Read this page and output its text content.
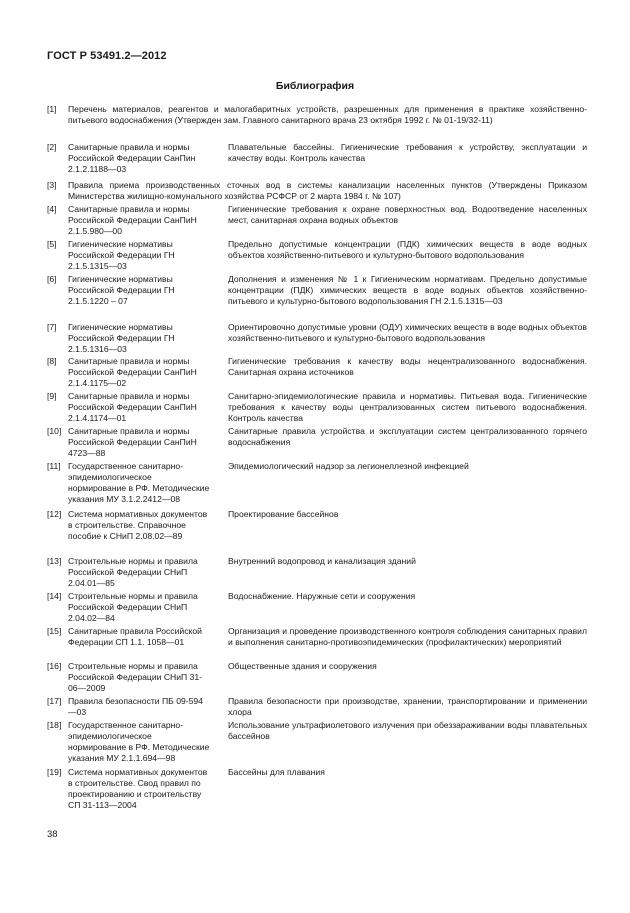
ГОСТ Р 53491.2—2012
Библиография
[1] Перечень материалов, реагентов и малогабаритных устройств, разрешенных для применения в практике хозяйственно-питьевого водоснабжения (Утвержден зам. Главного санитарного врача 23 октября 1992 г. № 01-19/32-11)
[2] Санитарные правила и нормы Российской Федерации СанПин 2.1.2.1188—03
Плавательные бассейны. Гигиенические требования к устройству, эксплуатации и качеству воды. Контроль качества
[3] Правила приема производственных сточных вод в системы канализации населенных пунктов (Утверждены Приказом Министерства жилищно-комунального хозяйства РСФСР от 2 марта 1984 г. № 107)
[4] Санитарные правила и нормы Российской Федерации СанПиН 2.1.5.980—00
Гигиенические требования к охране поверхностных вод. Водоотведение населенных мест, санитарная охрана водных объектов
[5] Гигиенические нормативы Российской Федерации ГН 2.1.5.1315—03
Предельно допустимые концентрации (ПДК) химических веществ в воде водных объектов хозяйственно-питьевого и культурно-бытового водопользования
[6] Гигиенические нормативы Российской Федерации ГН 2.1.5.1220 – 07
Дополнения и изменения № 1 к Гигиеническим нормативам. Предельно допустимые концентрации (ПДК) химических веществ в воде водных объектов хозяйственно-питьевого и культурно-бытового водопользования ГН 2.1.5.1315—03
[7] Гигиенические нормативы Российской Федерации ГН 2.1.5.1316—03
Ориентировочно допустимые уровни (ОДУ) химических веществ в воде водных объектов хозяйственно-питьевого и культурно-бытового водопользования
[8] Санитарные правила и нормы Российской Федерации СанПиН 2.1.4.1175—02
Гигиенические требования к качеству воды нецентрализованного водоснабжения. Санитарная охрана источников
[9] Санитарные правила и нормы Российской Федерации СанПиН 2.1.4.1174—01
Санитарно-эпидемиологические правила и нормативы. Питьевая вода. Гигиенические требования к качеству воды централизованных систем питьевого водоснабжения. Контроль качества
[10] Санитарные правила и нормы Российской Федерации СанПиН 4723—88
Санитарные правила устройства и эксплуатации систем централизованного горячего водоснабжения
[11] Государственное санитарно-эпидемиологическое нормирование в РФ. Методические указания МУ 3.1.2.2412—08
Эпидемиологический надзор за легионеллезной инфекцией
[12] Система нормативных документов в строительстве. Справочное пособие к СНиП 2.08.02—89
Проектирование бассейнов
[13] Строительные нормы и правила Российской Федерации СНиП 2.04.01—85
Внутренний водопровод и канализация зданий
[14] Строительные нормы и правила Российской Федерации СНиП 2.04.02—84
Водоснабжение. Наружные сети и сооружения
[15] Санитарные правила Российской Федерации СП 1.1. 1058—01
Организация и проведение производственного контроля соблюдения санитарных правил и выполнения санитарно-противоэпидемических (профилактических) мероприятий
[16] Строительные нормы и правила Российской Федерации СНиП 31-06—2009
Общественные здания и сооружения
[17] Правила безопасности ПБ 09-594—03
Правила безопасности при производстве, хранении, транспортировании и применении хлора
[18] Государственное санитарно-эпидемиологическое нормирование в РФ. Методические указания МУ 2.1.1.694—98
Использование ультрафиолетового излучения при обеззараживании воды плавательных бассейнов
[19] Система нормативных документов в строительстве. Свод правил по проектированию и строительству СП 31-113—2004
Бассейны для плавания
38
